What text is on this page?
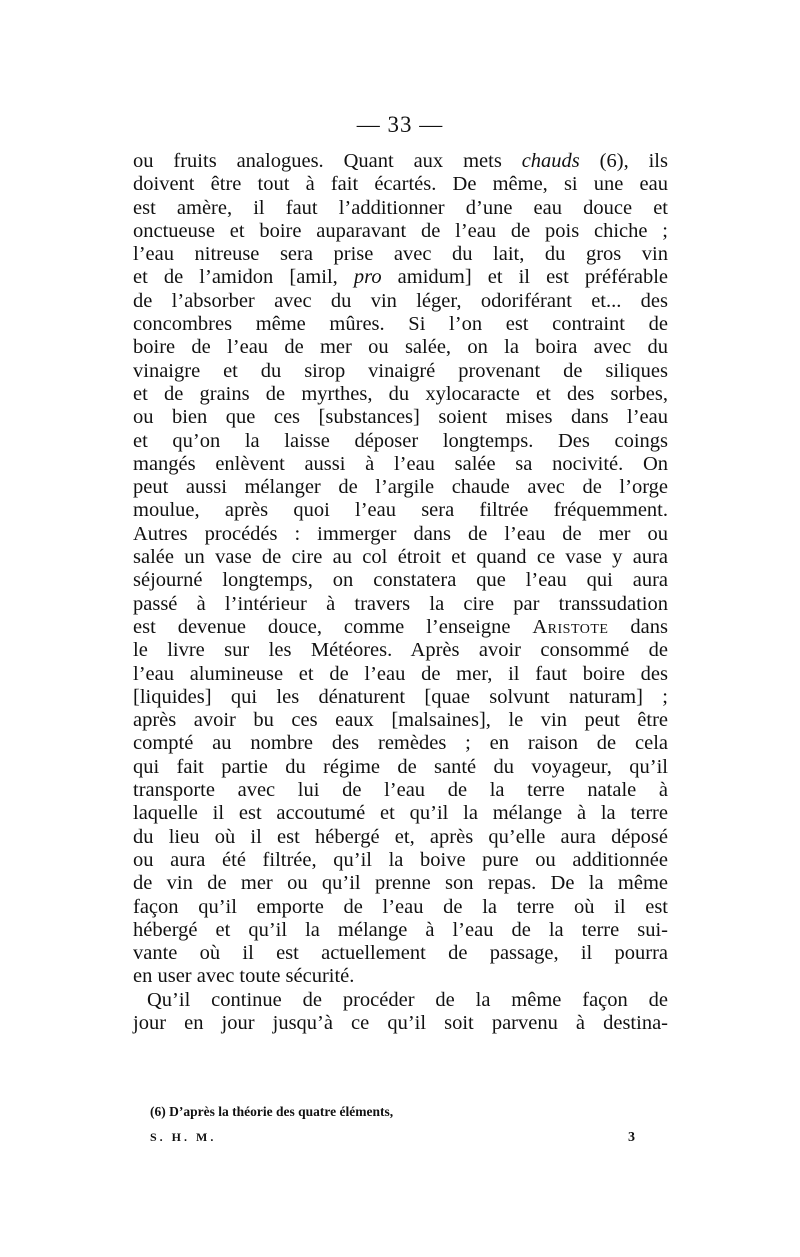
— 33 —
ou fruits analogues. Quant aux mets chauds (6), ils
doivent être tout à fait écartés. De même, si une eau
est amère, il faut l’additionner d’une eau douce et
onctueuse et boire auparavant de l’eau de pois chiche ;
l’eau nitreuse sera prise avec du lait, du gros vin
et de l’amidon [amil, pro amidum] et il est préférable
de l’absorber avec du vin léger, odoriférant et... des
concombres même mûres. Si l’on est contraint de
boire de l’eau de mer ou salée, on la boira avec du
vinaigre et du sirop vinaigré provenant de siliques
et de grains de myrthes, du xylocaracte et des sorbes,
ou bien que ces [substances] soient mises dans l’eau
et qu’on la laisse déposer longtemps. Des coings
mangés enlèvent aussi à l’eau salée sa nocivité. On
peut aussi mélanger de l’argile chaude avec de l’orge
moulue, après quoi l’eau sera filtrée fréquemment.
Autres procédés : immerger dans de l’eau de mer ou
salée un vase de cire au col étroit et quand ce vase y aura
séjourné longtemps, on constatera que l’eau qui aura
passé à l’intérieur à travers la cire par transsudation
est devenue douce, comme l’enseigne Aristote dans
le livre sur les Météores. Après avoir consommé de
l’eau alumineuse et de l’eau de mer, il faut boire des
[liquides] qui les dénaturent [quae solvunt naturam] ;
après avoir bu ces eaux [malsaines], le vin peut être
compté au nombre des remèdes ; en raison de cela
qui fait partie du régime de santé du voyageur, qu’il
transporte avec lui de l’eau de la terre natale à
laquelle il est accoutumé et qu’il la mélange à la terre
du lieu où il est hébergé et, après qu’elle aura déposé
ou aura été filtrée, qu’il la boive pure ou additionnée
de vin de mer ou qu’il prenne son repas. De la même
façon qu’il emporte de l’eau de la terre où il est
hébergé et qu’il la mélange à l’eau de la terre sui-
vante où il est actuellement de passage, il pourra
en user avec toute sécurité.
Qu’il continue de procéder de la même façon de
jour en jour jusqu’à ce qu’il soit parvenu à destina-
(6) D’après la théorie des quatre éléments,
S. H. M.	3
